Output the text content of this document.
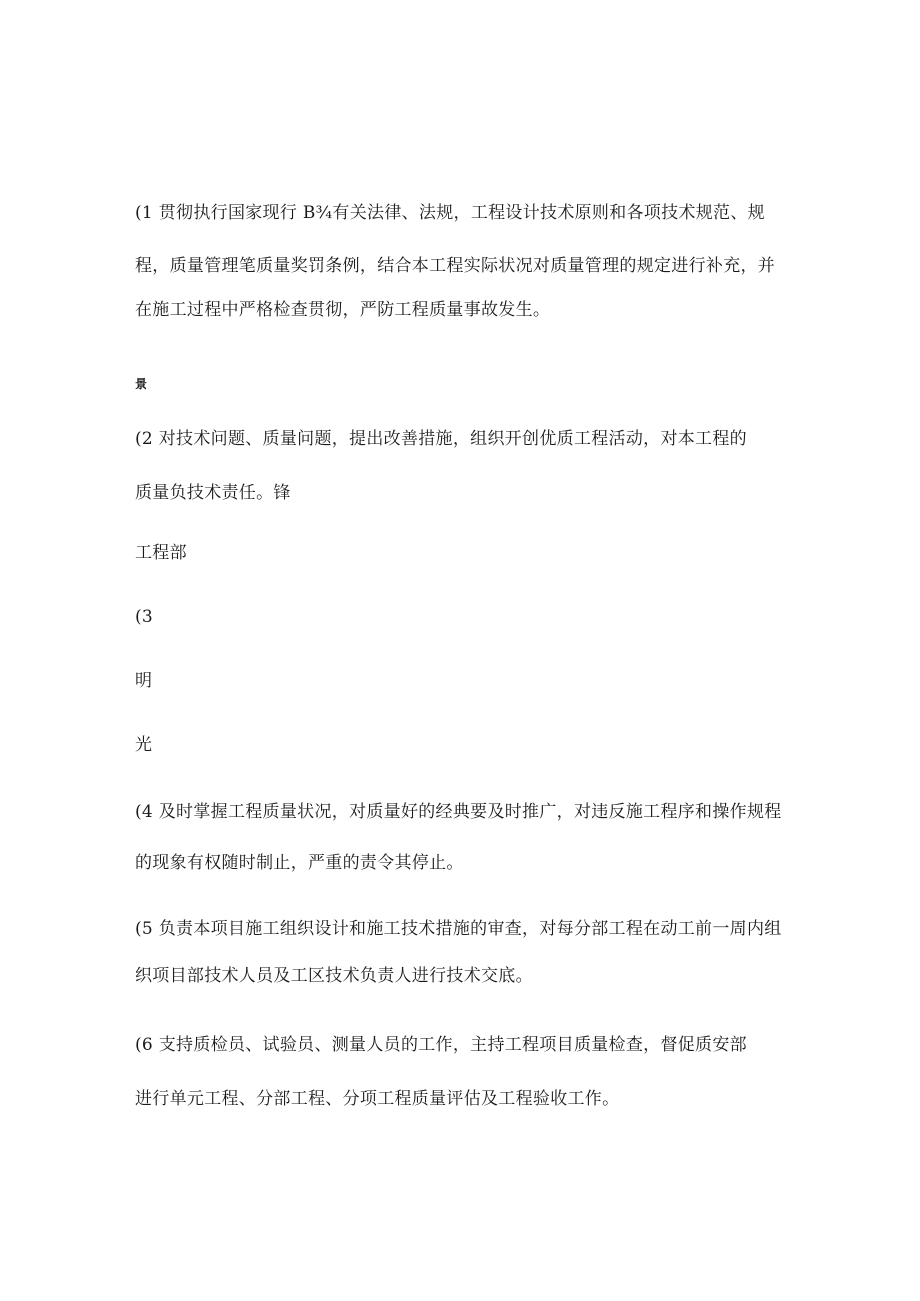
(1 贯彻执行国家现行 B¾有关法律、法规，工程设计技术原则和各项技术规范、规
程，质量管理笔质量奖罚条例，结合本工程实际状况对质量管理的规定进行补充，并
在施工过程中严格检查贯彻，严防工程质量事故发生。
景
(2 对技术问题、质量问题，提出改善措施，组织开创优质工程活动，对本工程的
质量负技术责任。锋
工程部
(3
明
光
(4 及时掌握工程质量状况，对质量好的经典要及时推广，对违反施工程序和操作规程
的现象有权随时制止，严重的责令其停止。
(5 负责本项目施工组织设计和施工技术措施的审查，对每分部工程在动工前一周内组
织项目部技术人员及工区技术负责人进行技术交底。
(6 支持质检员、试验员、测量人员的工作，主持工程项目质量检查，督促质安部
进行单元工程、分部工程、分项工程质量评估及工程验收工作。
